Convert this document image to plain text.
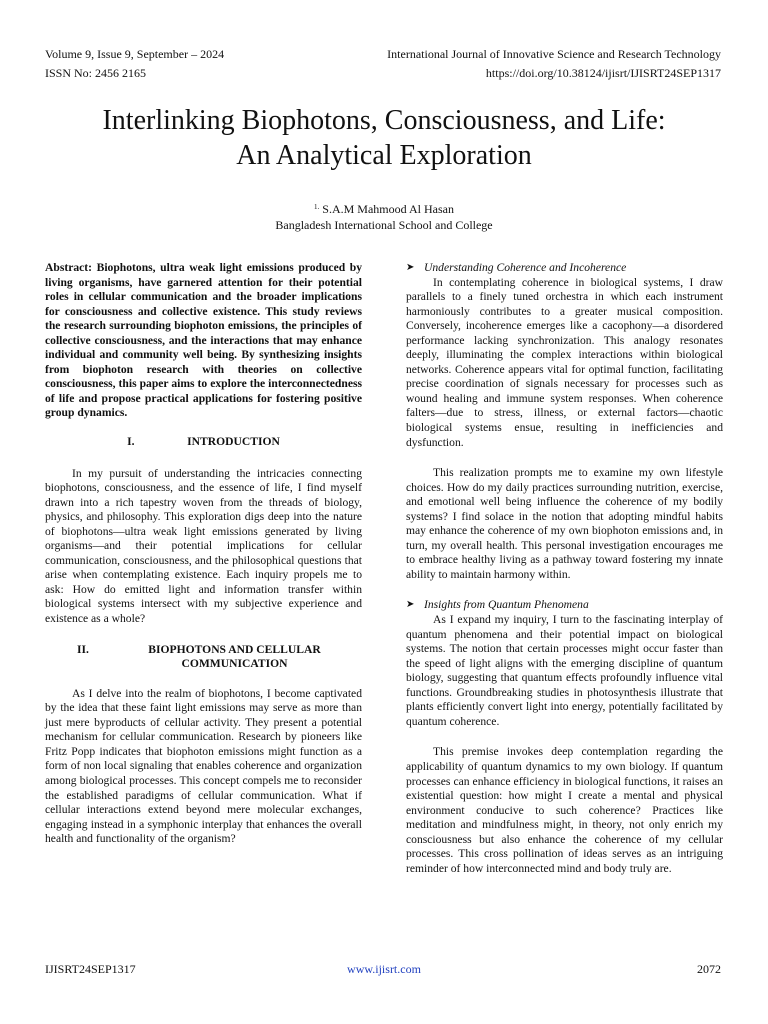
Volume 9, Issue 9, September – 2024
ISSN No: 2456 2165
International Journal of Innovative Science and Research Technology
https://doi.org/10.38124/ijisrt/IJISRT24SEP1317
Interlinking Biophotons, Consciousness, and Life:
An Analytical Exploration
$^{1.}$ S.A.M Mahmood Al Hasan
Bangladesh International School and College

Abstract: Biophotons, ultra weak light emissions produced by living organisms, have garnered attention for their potential roles in cellular communication and the broader implications for consciousness and collective existence. This study reviews the research surrounding biophoton emissions, the principles of collective consciousness, and the interactions that may enhance individual and community well being. By synthesizing insights from biophoton research with theories on collective consciousness, this paper aims to explore the interconnectedness of life and propose practical applications for fostering positive group dynamics.

I.	INTRODUCTION

In my pursuit of understanding the intricacies connecting biophotons, consciousness, and the essence of life, I find myself drawn into a rich tapestry woven from the threads of biology, physics, and philosophy. This exploration digs deep into the nature of biophotons—ultra weak light emissions generated by living organisms—and their potential implications for cellular communication, consciousness, and the philosophical questions that arise when contemplating existence. Each inquiry propels me to ask: How do emitted light and information transfer within biological systems intersect with my subjective experience and existence as a whole?

II.	BIOPHOTONS AND CELLULAR COMMUNICATION

As I delve into the realm of biophotons, I become captivated by the idea that these faint light emissions may serve as more than just mere byproducts of cellular activity. They present a potential mechanism for cellular communication. Research by pioneers like Fritz Popp indicates that biophoton emissions might function as a form of non local signaling that enables coherence and organization among biological processes. This concept compels me to reconsider the established paradigms of cellular communication. What if cellular interactions extend beyond mere molecular exchanges, engaging instead in a symphonic interplay that enhances the overall health and functionality of the organism?

➤ Understanding Coherence and Incoherence

In contemplating coherence in biological systems, I draw parallels to a finely tuned orchestra in which each instrument harmoniously contributes to a greater musical composition. Conversely, incoherence emerges like a cacophony—a disordered performance lacking synchronization. This analogy resonates deeply, illuminating the complex interactions within biological networks. Coherence appears vital for optimal function, facilitating precise coordination of signals necessary for processes such as wound healing and immune system responses. When coherence falters—due to stress, illness, or external factors—chaotic biological systems ensue, resulting in inefficiencies and dysfunction.

This realization prompts me to examine my own lifestyle choices. How do my daily practices surrounding nutrition, exercise, and emotional well being influence the coherence of my bodily systems? I find solace in the notion that adopting mindful habits may enhance the coherence of my own biophoton emissions and, in turn, my overall health. This personal investigation encourages me to embrace healthy living as a pathway toward fostering my innate ability to maintain harmony within.

➤ Insights from Quantum Phenomena

As I expand my inquiry, I turn to the fascinating interplay of quantum phenomena and their potential impact on biological systems. The notion that certain processes might occur faster than the speed of light aligns with the emerging discipline of quantum biology, suggesting that quantum effects profoundly influence vital functions. Groundbreaking studies in photosynthesis illustrate that plants efficiently convert light into energy, potentially facilitated by quantum coherence.

This premise invokes deep contemplation regarding the applicability of quantum dynamics to my own biology. If quantum processes can enhance efficiency in biological functions, it raises an existential question: how might I create a mental and physical environment conducive to such coherence? Practices like meditation and mindfulness might, in theory, not only enrich my consciousness but also enhance the coherence of my cellular processes. This cross pollination of ideas serves as an intriguing reminder of how interconnected mind and body truly are.

IJISRT24SEP1317	www.ijisrt.com	2072
